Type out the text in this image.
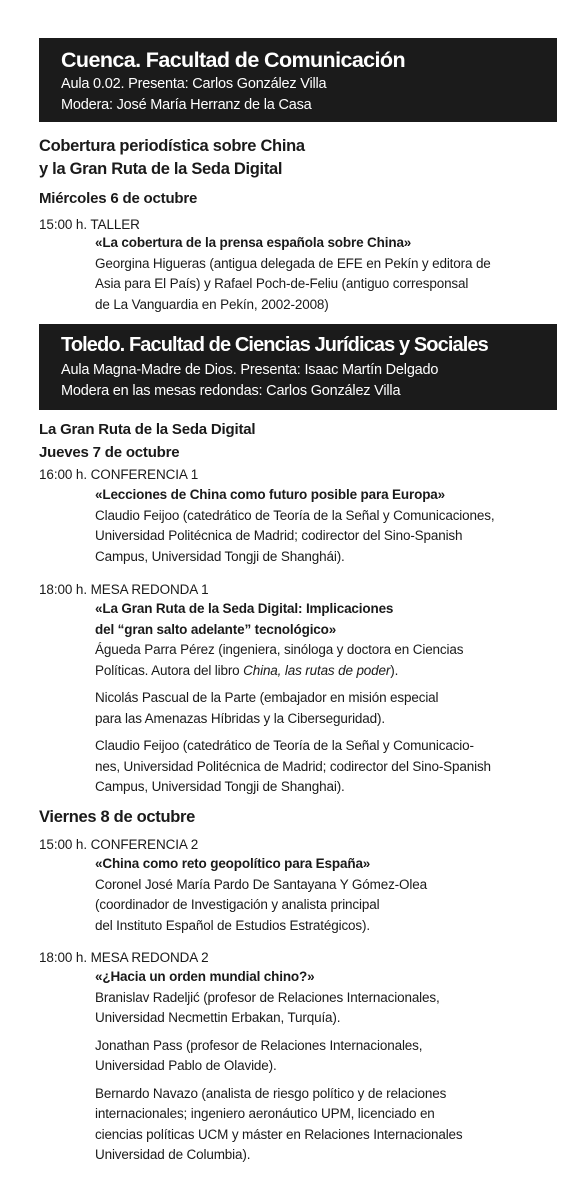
Cuenca. Facultad de Comunicación
Aula 0.02. Presenta: Carlos González Villa
Modera: José María Herranz de la Casa
Cobertura periodística sobre China
y la Gran Ruta de la Seda Digital
Miércoles 6 de octubre
15:00 h. TALLER
«La cobertura de la prensa española sobre China»
Georgina Higueras (antigua delegada de EFE en Pekín y editora de
Asia para El País) y Rafael Poch-de-Feliu (antiguo corresponsal
de La Vanguardia en Pekín, 2002-2008)
Toledo. Facultad de Ciencias Jurídicas y Sociales
Aula Magna-Madre de Dios. Presenta: Isaac Martín Delgado
Modera en las mesas redondas: Carlos González Villa
La Gran Ruta de la Seda Digital
Jueves 7 de octubre
16:00 h. CONFERENCIA 1
«Lecciones de China como futuro posible para Europa»
Claudio Feijoo (catedrático de Teoría de la Señal y Comunicaciones,
Universidad Politécnica de Madrid; codirector del Sino-Spanish
Campus, Universidad Tongji de Shanghái).
18:00 h. MESA REDONDA 1
«La Gran Ruta de la Seda Digital: Implicaciones
del “gran salto adelante” tecnológico»
Águeda Parra Pérez (ingeniera, sinóloga y doctora en Ciencias
Políticas. Autora del libro China, las rutas de poder).
Nicolás Pascual de la Parte (embajador en misión especial
para las Amenazas Híbridas y la Ciberseguridad).
Claudio Feijoo (catedrático de Teoría de la Señal y Comunicacio-
nes, Universidad Politécnica de Madrid; codirector del Sino-Spanish
Campus, Universidad Tongji de Shanghai).
Viernes 8 de octubre
15:00 h. CONFERENCIA 2
«China como reto geopolítico para España»
Coronel José María Pardo De Santayana Y Gómez-Olea
(coordinador de Investigación y analista principal
del Instituto Español de Estudios Estratégicos).
18:00 h. MESA REDONDA 2
«¿Hacia un orden mundial chino?»
Branislav Radeljić (profesor de Relaciones Internacionales,
Universidad Necmettin Erbakan, Turquía).
Jonathan Pass (profesor de Relaciones Internacionales,
Universidad Pablo de Olavide).
Bernardo Navazo (analista de riesgo político y de relaciones
internacionales; ingeniero aeronáutico UPM, licenciado en
ciencias políticas UCM y máster en Relaciones Internacionales
Universidad de Columbia).
